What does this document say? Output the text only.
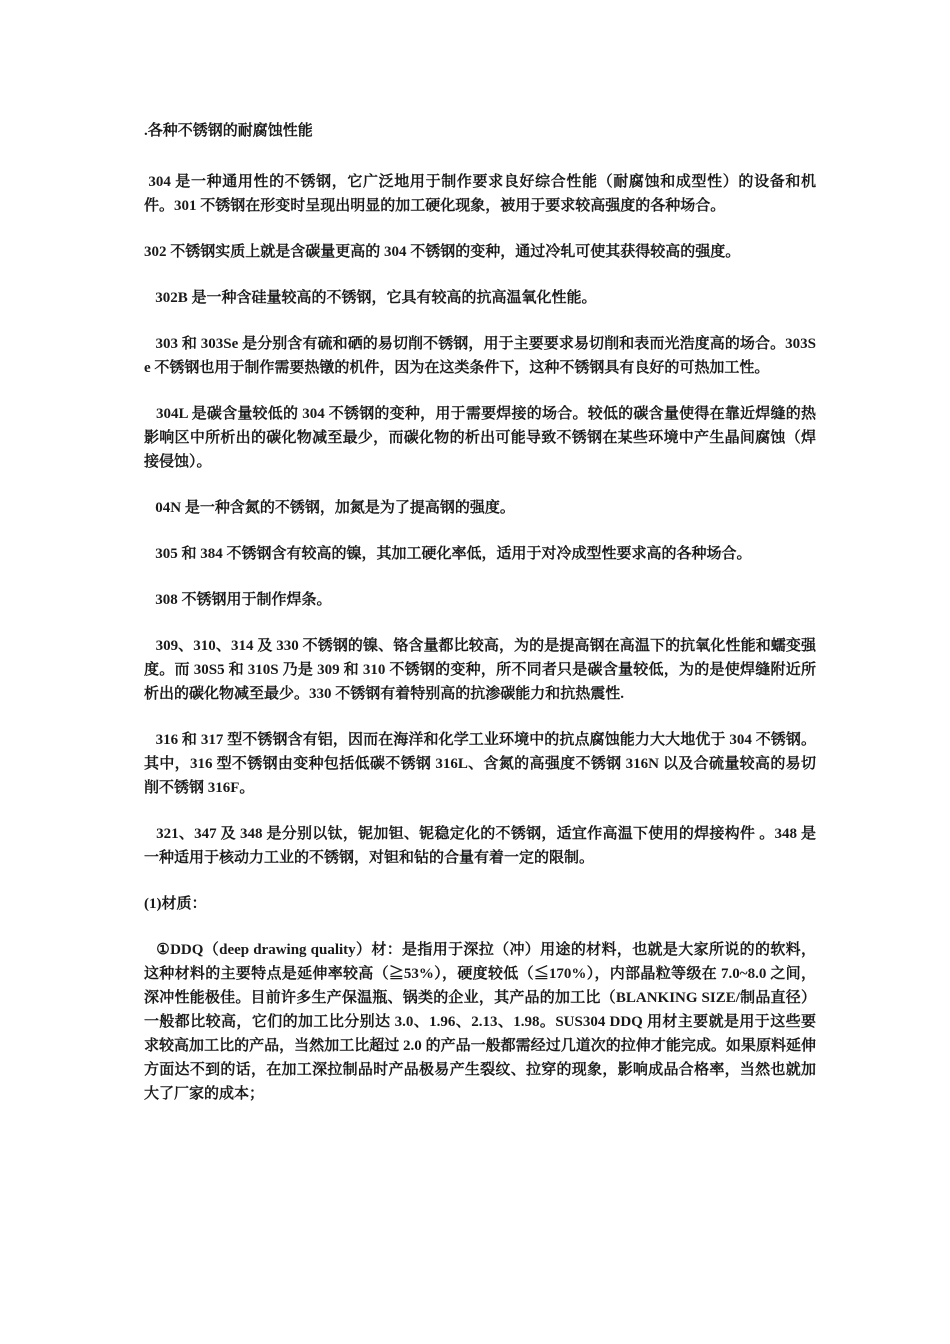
.各种不锈钢的耐腐蚀性能

304 是一种通用性的不锈钢，它广泛地用于制作要求良好综合性能（耐腐蚀和成型性）的设备和机件。301 不锈钢在形变时呈现出明显的加工硬化现象，被用于要求较高强度的各种场合。

302 不锈钢实质上就是含碳量更高的 304 不锈钢的变种，通过冷轧可使其获得较高的强度。

302B 是一种含硅量较高的不锈钢，它具有较高的抗高温氧化性能。

303 和 303Se 是分别含有硫和硒的易切削不锈钢，用于主要要求易切削和表而光浩度高的场合。303Se 不锈钢也用于制作需要热镦的机件，因为在这类条件下，这种不锈钢具有良好的可热加工性。

304L 是碳含量较低的 304 不锈钢的变种，用于需要焊接的场合。较低的碳含量使得在靠近焊缝的热影响区中所析出的碳化物减至最少，而碳化物的析出可能导致不锈钢在某些环境中产生晶间腐蚀（焊接侵蚀）。

04N 是一种含氮的不锈钢，加氮是为了提高钢的强度。

305 和 384 不锈钢含有较高的镍，其加工硬化率低，适用于对冷成型性要求高的各种场合。

308 不锈钢用于制作焊条。

309、310、314 及 330 不锈钢的镍、铬含量都比较高，为的是提高钢在高温下的抗氧化性能和蠕变强度。而 30S5 和 310S 乃是 309 和 310 不锈钢的变种，所不同者只是碳含量较低，为的是使焊缝附近所析出的碳化物减至最少。330 不锈钢有着特别高的抗渗碳能力和抗热震性.

316 和 317 型不锈钢含有铝，因而在海洋和化学工业环境中的抗点腐蚀能力大大地优于 304 不锈钢。其中，316 型不锈钢由变种包括低碳不锈钢 316L、含氮的高强度不锈钢 316N 以及合硫量较高的易切削不锈钢 316F。

321、347 及 348 是分别以钛，铌加钽、铌稳定化的不锈钢，适宜作高温下使用的焊接构件 。348 是一种适用于核动力工业的不锈钢，对钽和钻的合量有着一定的限制。

(1)材质：

①DDQ（deep drawing quality）材：是指用于深拉（冲）用途的材料，也就是大家所说的的软料，这种材料的主要特点是延伸率较高（≧53%），硬度较低（≦170%），内部晶粒等级在 7.0~8.0 之间，深冲性能极佳。目前许多生产保温瓶、锅类的企业，其产品的加工比（BLANKING SIZE/制品直径）一般都比较高，它们的加工比分别达 3.0、1.96、2.13、1.98。SUS304 DDQ 用材主要就是用于这些要求较高加工比的产品，当然加工比超过 2.0 的产品一般都需经过几道次的拉伸才能完成。如果原料延伸方面达不到的话，在加工深拉制品时产品极易产生裂纹、拉穿的现象，影响成品合格率，当然也就加大了厂家的成本；
